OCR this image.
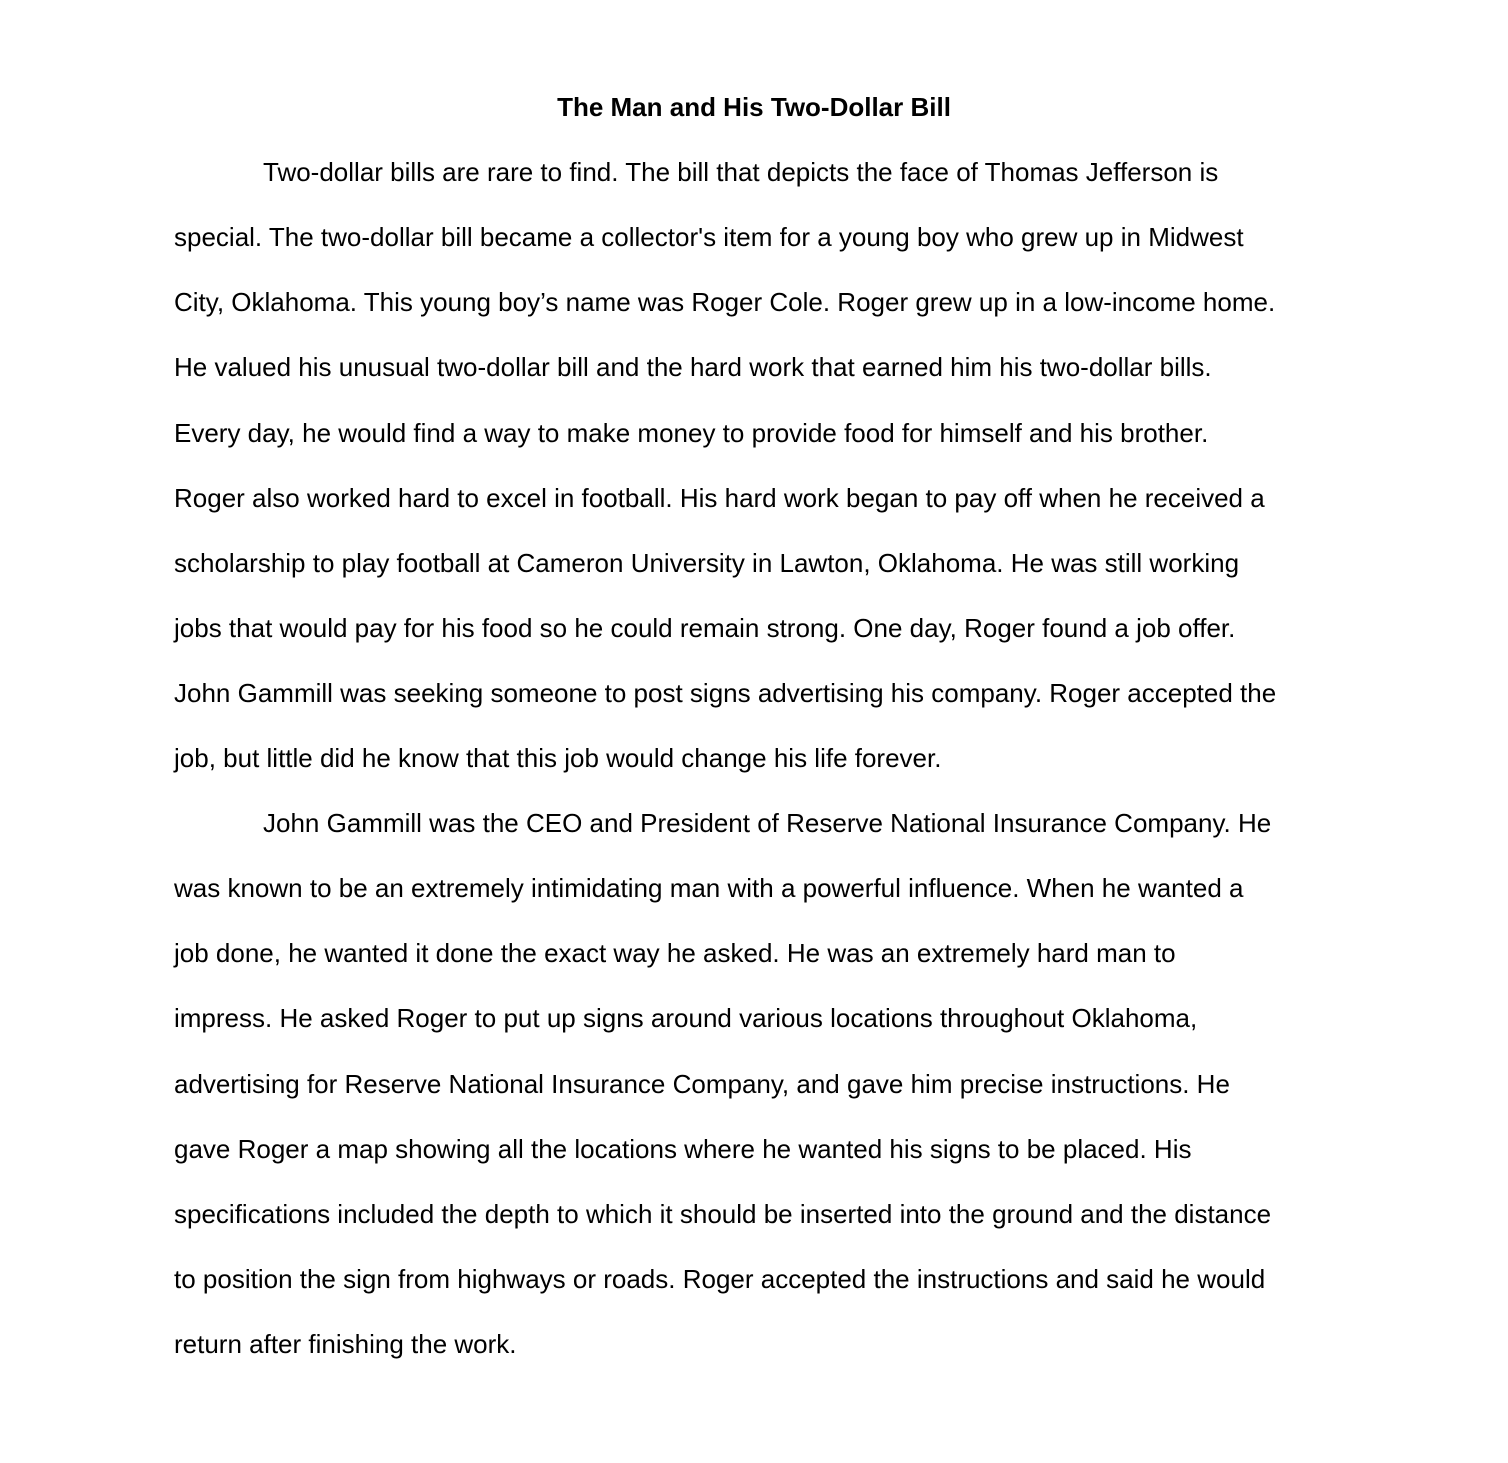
The Man and His Two-Dollar Bill

Two-dollar bills are rare to find. The bill that depicts the face of Thomas Jefferson is

special. The two-dollar bill became a collector's item for a young boy who grew up in Midwest

City, Oklahoma. This young boy’s name was Roger Cole. Roger grew up in a low-income home.

He valued his unusual two-dollar bill and the hard work that earned him his two-dollar bills.

Every day, he would find a way to make money to provide food for himself and his brother.

Roger also worked hard to excel in football. His hard work began to pay off when he received a

scholarship to play football at Cameron University in Lawton, Oklahoma. He was still working

jobs that would pay for his food so he could remain strong. One day, Roger found a job offer.

John Gammill was seeking someone to post signs advertising his company. Roger accepted the

job, but little did he know that this job would change his life forever.

John Gammill was the CEO and President of Reserve National Insurance Company. He

was known to be an extremely intimidating man with a powerful influence. When he wanted a

job done, he wanted it done the exact way he asked. He was an extremely hard man to

impress. He asked Roger to put up signs around various locations throughout Oklahoma,

advertising for Reserve National Insurance Company, and gave him precise instructions. He

gave Roger a map showing all the locations where he wanted his signs to be placed. His

specifications included the depth to which it should be inserted into the ground and the distance

to position the sign from highways or roads. Roger accepted the instructions and said he would

return after finishing the work.
